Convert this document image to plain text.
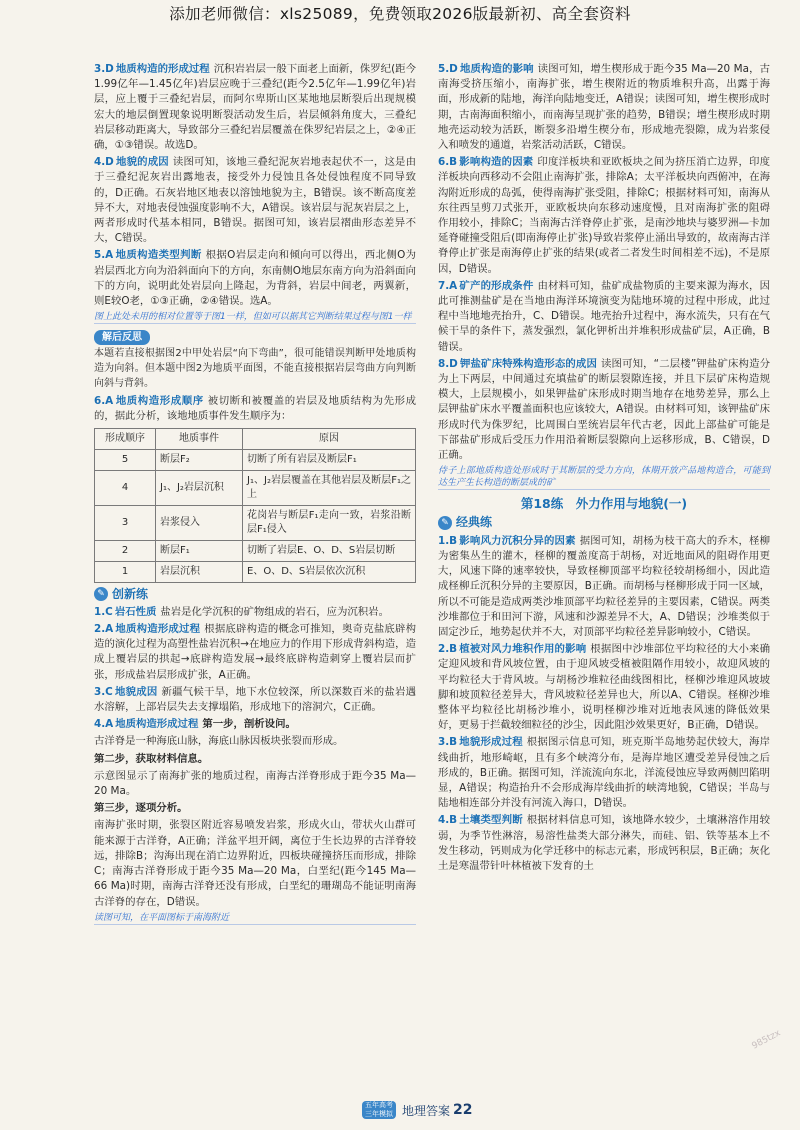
添加老师微信：xls25089，免费领取2026版最新初、高全套资料

3.D 地质构造的形成过程 沉积岩岩层一般下面老上面新，侏罗纪(距今1.99亿年—1.45亿年)岩层应晚于三叠纪(距今2.5亿年—1.99亿年)岩层，应上覆于三叠纪岩层，而阿尔卑斯山区某地地层断裂后出现规模宏大的地层倒置现象说明断裂活动发生后，岩层倾斜角度大，三叠纪岩层移动距离大，导致部分三叠纪岩层覆盖在侏罗纪岩层之上，②④正确，①③错误。故选D。

4.D 地貌的成因 读图可知，该地三叠纪泥灰岩地表起伏不一，这是由于三叠纪泥灰岩出露地表，接受外力侵蚀且各处侵蚀程度不同导致的，D正确。石灰岩地区地表以溶蚀地貌为主，B错误。该不断高度差异不大，对地表侵蚀强度影响不大，A错误。该岩层与泥灰岩层之上，两者形成时代基本相同，B错误。据图可知，该岩层褶曲形态差异不大，C错误。

5.A 地质构造类型判断 根据O岩层走向和倾向可以得出，西北侧O为岩层西北方向为沿斜面向下的方向，东南侧O地层东南方向为沿斜面向下的方向，说明此处岩层向上隆起，为背斜，岩层中间老，两翼新，则E较O老，①③正确，②④错误。选A。

图上此处未用的相对位置等于图1一样，但如可以据其它判断结果过程与图1一样
解后反思
本题若直接根据图2中甲处岩层“向下弯曲”，很可能错误判断甲处地质构造为向斜。但本题中图2为地质平面图，不能直接根据岩层弯曲方向判断向斜与背斜。

6.A 地质构造形成顺序 被切断和被覆盖的岩层及地质结构为先形成的，据此分析，该地地质事件发生顺序为：

形成顺序	地质事件	原因
5	断层F₂	切断了所有岩层及断层F₁
4	J₁、J₂岩层沉积	J₁、J₂岩层覆盖在其他岩层及断层F₁之上
3	岩浆侵入	花岗岩与断层F₁走向一致，岩浆沿断层F₁侵入
2	断层F₁	切断了岩层E、O、D、S岩层切断
1	岩层沉积	E、O、D、S岩层依次沉积
✎ 创新练

1.C 岩石性质 盐岩是化学沉积的矿物组成的岩石，应为沉积岩。

2.A 地质构造形成过程 根据底辟构造的概念可推知，奥奇克盐底辟构造的演化过程为高塑性盐岩沉积→在地应力的作用下形成背斜构造，造成上覆岩层的拱起→底辟构造发展→最终底辟构造刺穿上覆岩层而扩张，形成盐岩层形成扩张，A正确。

3.C 地貌成因 新疆气候干旱，地下水位较深，所以深数百米的盐岩遇水溶解，上部岩层失去支撑塌陷，形成地下的溶洞穴，C正确。

4.A 地质构造形成过程 第一步，剖析设问。

古洋脊是一种海底山脉，海底山脉因板块张裂而形成。

第二步，获取材料信息。

示意图显示了南海扩张的地质过程，南海古洋脊形成于距今35 Ma—20 Ma。

第三步，逐项分析。

南海扩张时期，张裂区附近容易喷发岩浆，形成火山，带状火山群可能来源于古洋脊，A正确；洋盆平坦开阔，离位于生长边界的古洋脊较远，排除B；沟海出现在消亡边界附近，四板块碰撞挤压而形成，排除C；南海古洋脊形成于距今35 Ma—20 Ma，白垩纪(距今145 Ma—66 Ma)时期，南海古洋脊还没有形成，白垩纪的珊瑚岛不能证明南海古洋脊的存在，D错误。

读图可知，在平面图标于南海附近

5.D 地质构造的影响 读图可知，增生楔形成于距今35 Ma—20 Ma，古南海受挤压缩小，南海扩张，增生楔附近的物质堆积升高，出露于海面，形成新的陆地，海洋向陆地变迁，A错误；读图可知，增生楔形成时期，古南海面积缩小，而南海呈现扩张的趋势，B错误；增生楔形成时期地壳运动较为活跃，断裂多沿增生楔分布，形成地壳裂隙，成为岩浆侵入和喷发的通道，岩浆活动活跃，C错误。

6.B 影响构造的因素 印度洋板块和亚欧板块之间为挤压消亡边界，印度洋板块向西移动不会阻止南海扩张，排除A；太平洋板块向西俯冲，在海沟附近形成的岛弧，使得南海扩张受阻，排除C；根据材料可知，南海从东往西呈剪刀式张开，亚欧板块向东移动速度慢，且对南海扩张的阻碍作用较小，排除C；当南海古洋脊停止扩张，是南沙地块与婆罗洲—卡加延脊碰撞受阻后(即南海停止扩张)导致岩浆停止涌出导致的，故南海古洋脊停止扩张是南海停止扩张的结果(或者二者发生时间相差不远)，不是原因，D错误。

7.A 矿产的形成条件 由材料可知，盐矿成盐物质的主要来源为海水，因此可推测盐矿是在当地由海洋环境演变为陆地环境的过程中形成，此过程中当地地壳抬升，C、D错误。地壳抬升过程中，海水流失，只有在气候干旱的条件下，蒸发强烈，氯化钾析出并堆积形成盐矿层，A正确，B错误。

8.D 钾盐矿床特殊构造形态的成因 读图可知，“二层楼”钾盐矿床构造分为上下两层，中间通过充填盐矿的断层裂隙连接，并且下层矿床构造规模大，上层规模小，如果钾盐矿床形成时期当地存在地势差异，那么上层钾盐矿床水平覆盖面积也应该较大，A错误。由材料可知，该钾盐矿床形成时代为侏罗纪，比周围白垩统岩层年代古老，因此上部盐矿可能是下部盐矿形成后受压力作用沿着断层裂隙向上运移形成，B、C错误，D正确。

侍子上部地质构造处形成时于其断层的受力方向，体期开放产品地构造合，可能到达生产生长构造的断层成的矿
第18练　外力作用与地貌(一)
✎ 经典练

1.B 影响风力沉积分异的因素 据图可知，胡杨为枝干高大的乔木，柽柳为密集丛生的灌木，柽柳的覆盖度高于胡杨，对近地面风的阻碍作用更大，风速下降的速率较快，导致柽柳顶部平均粒径较胡杨细小，因此造成柽柳丘沉积分异的主要原因，B正确。而胡杨与柽柳形成于同一区域，所以不可能是造成两类沙堆顶部平均粒径差异的主要因素，C错误。两类沙堆都位于和田河下游，风速和沙源差异不大，A、D错误；沙堆类似于固定沙丘，地势起伏并不大，对顶部平均粒径差异影响较小，C错误。

2.B 植被对风力堆积作用的影响 根据图中沙堆部位平均粒径的大小来确定迎风坡和背风坡位置，由于迎风坡受植被阻隔作用较小，故迎风坡的平均粒径大于背风坡。与胡杨沙堆粒径曲线图相比，柽柳沙堆迎风坡坡脚和坡顶粒径差异大，背风坡粒径差异也大，所以A、C错误。柽柳沙堆整体平均粒径比胡杨沙堆小，说明柽柳沙堆对近地表风速的降低效果好，更易于拦截较细粒径的沙尘，因此阻沙效果更好，B正确，D错误。

3.B 地貌形成过程 根据图示信息可知，班克斯半岛地势起伏较大，海岸线曲折，地形崎岖，且有多个峡湾分布，是海岸地区遭受差异侵蚀之后形成的，B正确。据图可知，洋流流向东北，洋流侵蚀应导致两侧凹陷明显，A错误；构造抬升不会形成海岸线曲折的峡湾地貌，C错误；半岛与陆地相连部分并没有河流入海口，D错误。

4.B 土壤类型判断 根据材料信息可知，该地降水较少，土壤淋溶作用较弱，为季节性淋溶，易溶性盐类大部分淋失，而硅、铝、铁等基本上不发生移动，钙则成为化学迁移中的标志元素，形成钙积层，B正确；灰化土是寒温带针叶林植被下发育的土

五年高考三年模拟 地理答案 22
985tzx
